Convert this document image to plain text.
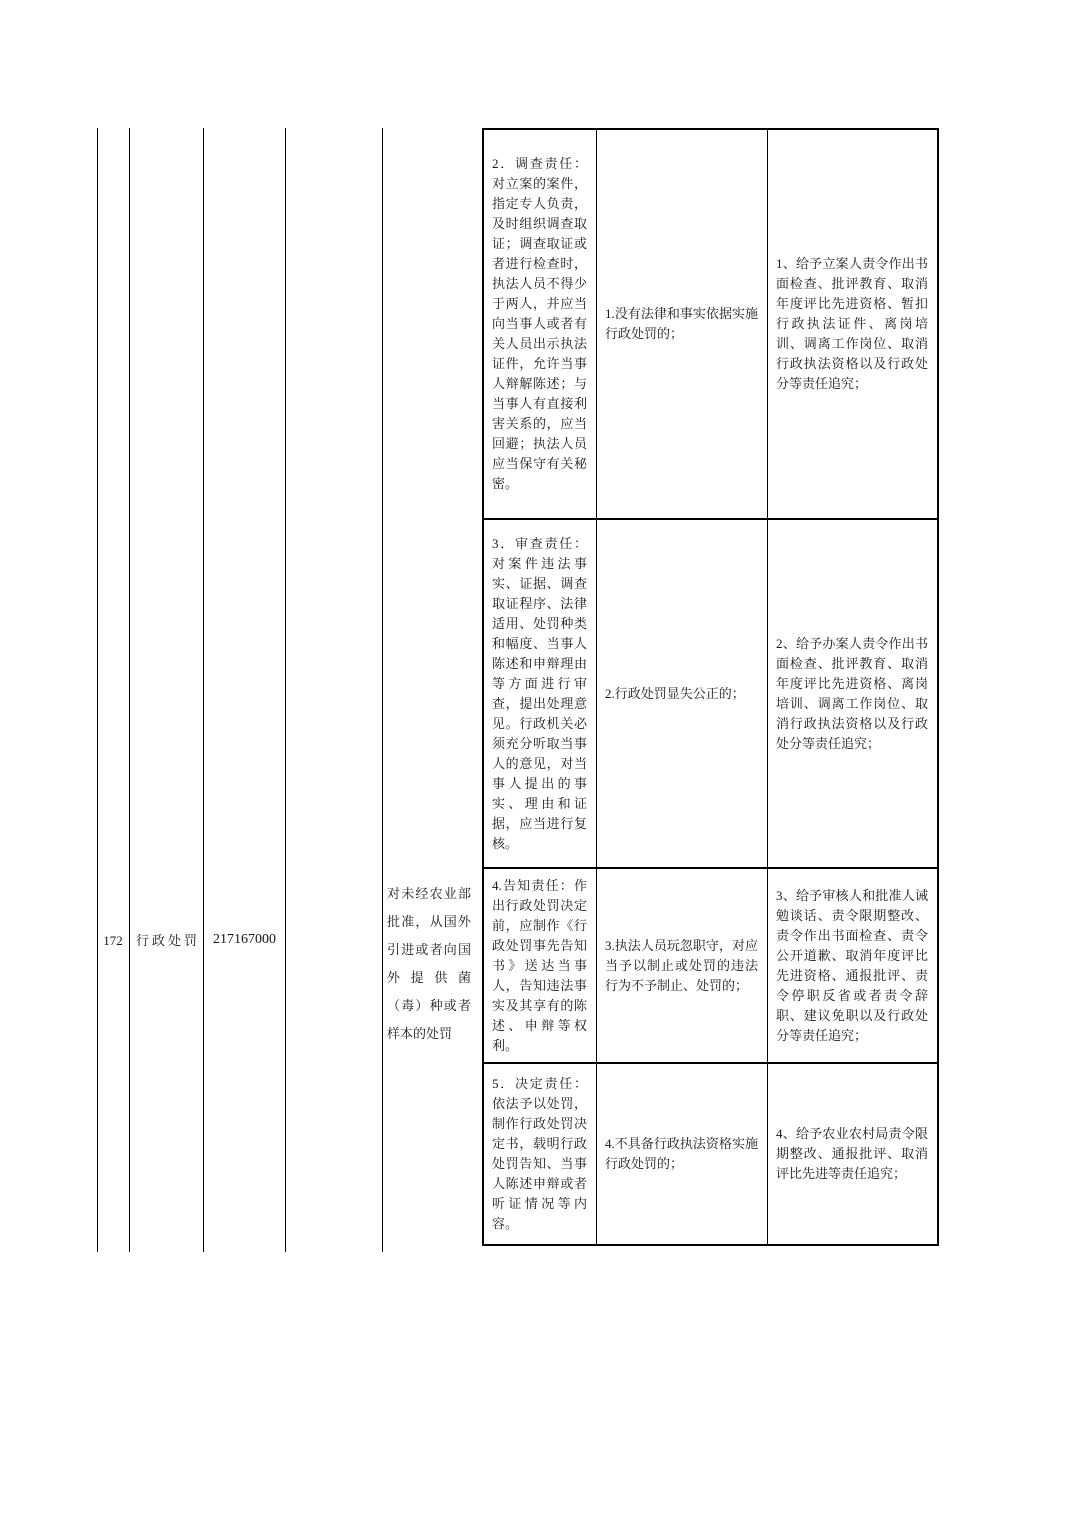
172	行政处罚 217167000
对未经农业部批准，从国外引进或者向国外提供菌（毒）种或者样本的处罚

2．调查责任：对立案的案件，指定专人负责，及时组织调查取证；调查取证或者进行检查时，执法人员不得少于两人，并应当向当事人或者有关人员出示执法证件，允许当事人辩解陈述；与当事人有直接利害关系的，应当回避；执法人员应当保守有关秘密。

1.没有法律和事实依据实施行政处罚的；

1、给予立案人责令作出书面检查、批评教育、取消年度评比先进资格、暂扣行政执法证件、离岗培训、调离工作岗位、取消行政执法资格以及行政处分等责任追究；

3．审查责任：对案件违法事实、证据、调查取证程序、法律适用、处罚种类和幅度、当事人陈述和申辩理由等方面进行审查，提出处理意见。行政机关必须充分听取当事人的意见，对当事人提出的事实、理由和证据，应当进行复核。

2.行政处罚显失公正的；

2、给予办案人责令作出书面检查、批评教育、取消年度评比先进资格、离岗培训、调离工作岗位、取消行政执法资格以及行政处分等责任追究；

4.告知责任：作出行政处罚决定前，应制作《行政处罚事先告知书》送达当事人，告知违法事实及其享有的陈述、申辩等权利。

3.执法人员玩忽职守，对应当予以制止或处罚的违法行为不予制止、处罚的；

3、给予审核人和批准人诫勉谈话、责令限期整改、责令作出书面检查、责令公开道歉、取消年度评比先进资格、通报批评、责令停职反省或者责令辞职、建议免职以及行政处分等责任追究；

5．决定责任：依法予以处罚，制作行政处罚决定书，载明行政处罚告知、当事人陈述申辩或者听证情况等内容。

4.不具备行政执法资格实施行政处罚的；

4、给予农业农村局责令限期整改、通报批评、取消评比先进等责任追究；
